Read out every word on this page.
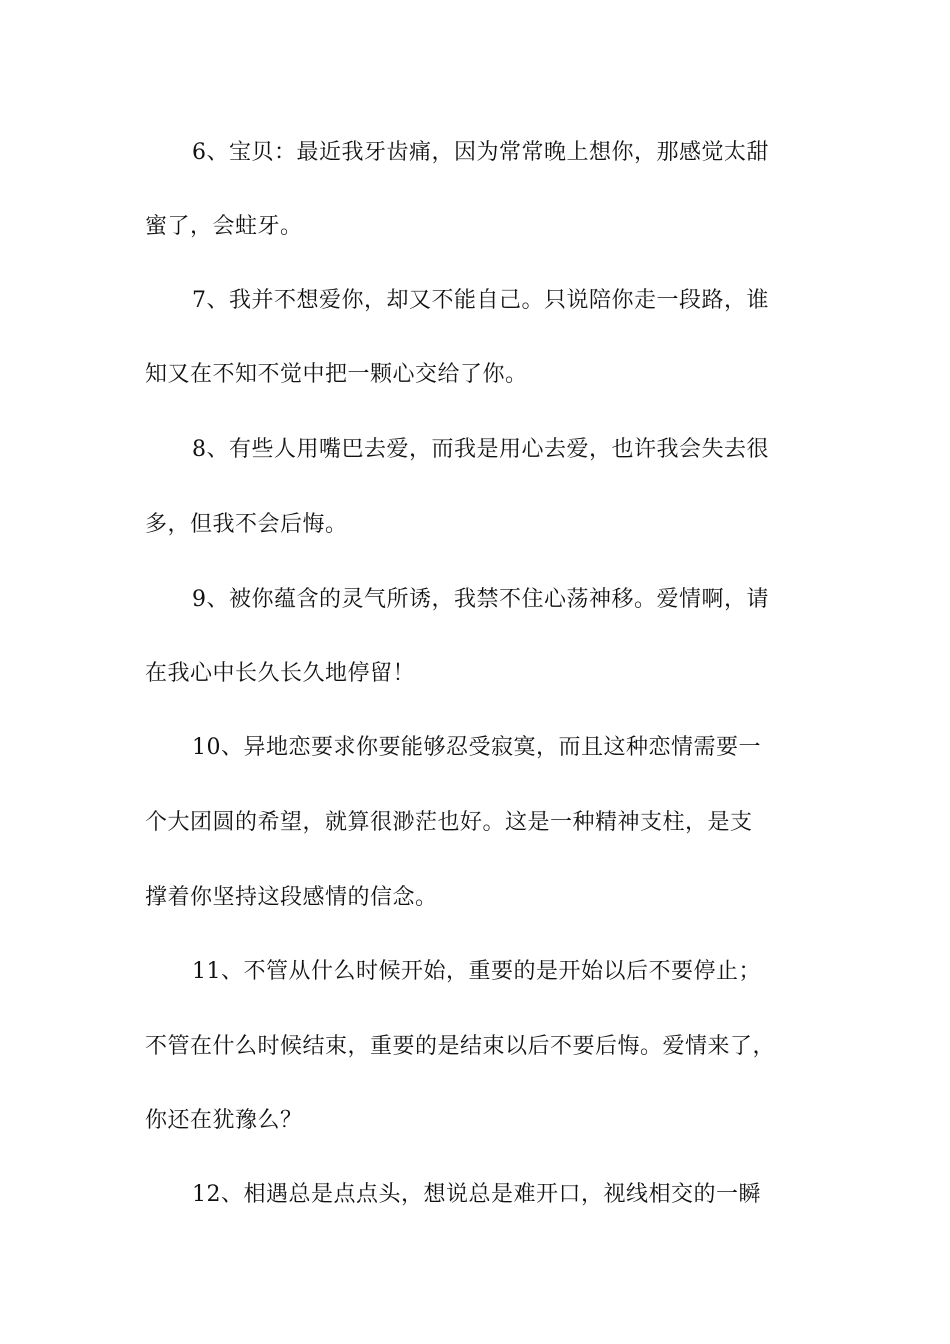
6、宝贝：最近我牙齿痛，因为常常晚上想你，那感觉太甜
蜜了，会蛀牙。
7、我并不想爱你，却又不能自己。只说陪你走一段路，谁
知又在不知不觉中把一颗心交给了你。
8、有些人用嘴巴去爱，而我是用心去爱，也许我会失去很
多，但我不会后悔。
9、被你蕴含的灵气所诱，我禁不住心荡神移。爱情啊，请
在我心中长久长久地停留！
10、异地恋要求你要能够忍受寂寞，而且这种恋情需要一
个大团圆的希望，就算很渺茫也好。这是一种精神支柱，是支
撑着你坚持这段感情的信念。
11、不管从什么时候开始，重要的是开始以后不要停止；
不管在什么时候结束，重要的是结束以后不要后悔。爱情来了，
你还在犹豫么？
12、相遇总是点点头，想说总是难开口，视线相交的一瞬
